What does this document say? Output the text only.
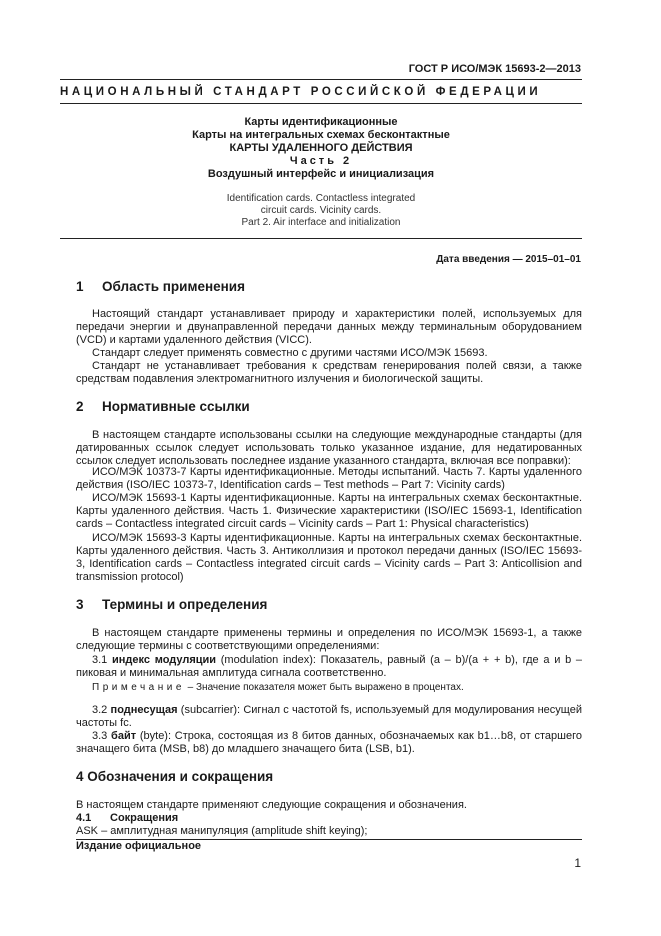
ГОСТ Р ИСО/МЭК 15693-2—2013
НАЦИОНАЛЬНЫЙ СТАНДАРТ РОССИЙСКОЙ ФЕДЕРАЦИИ
Карты идентификационные
Карты на интегральных схемах бесконтактные
КАРТЫ УДАЛЕННОГО ДЕЙСТВИЯ
Часть 2
Воздушный интерфейс и инициализация
Identification cards. Contactless integrated
circuit cards. Vicinity cards.
Part 2. Air interface and initialization
Дата введения — 2015–01–01
1 Область применения
Настоящий стандарт устанавливает природу и характеристики полей, используемых для передачи энергии и двунаправленной передачи данных между терминальным оборудованием (VCD) и картами удаленного действия (VICC).
Стандарт следует применять совместно с другими частями ИСО/МЭК 15693.
Стандарт не устанавливает требования к средствам генерирования полей связи, а также средствам подавления электромагнитного излучения и биологической защиты.
2 Нормативные ссылки
В настоящем стандарте использованы ссылки на следующие международные стандарты (для датированных ссылок следует использовать только указанное издание, для недатированных ссылок следует использовать последнее издание указанного стандарта, включая все поправки):
ИСО/МЭК 10373-7 Карты идентификационные. Методы испытаний. Часть 7. Карты удаленного действия (ISO/IEC 10373-7, Identification cards – Test methods – Part 7: Vicinity cards)
ИСО/МЭК 15693-1 Карты идентификационные. Карты на интегральных схемах бесконтактные. Карты удаленного действия. Часть 1. Физические характеристики (ISO/IEC 15693-1, Identification cards – Contactless integrated circuit cards – Vicinity cards – Part 1: Physical characteristics)
ИСО/МЭК 15693-3 Карты идентификационные. Карты на интегральных схемах бесконтактные. Карты удаленного действия. Часть 3. Антиколлизия и протокол передачи данных (ISO/IEC 15693-3, Identification cards – Contactless integrated circuit cards – Vicinity cards – Part 3: Anticollision and transmission protocol)
3 Термины и определения
В настоящем стандарте применены термины и определения по ИСО/МЭК 15693-1, а также следующие термины с соответствующими определениями:
3.1 индекс модуляции (modulation index): Показатель, равный (a – b)/(a + + b), где a и b – пиковая и минимальная амплитуда сигнала соответственно.
Примечание – Значение показателя может быть выражено в процентах.
3.2 поднесущая (subcarrier): Сигнал с частотой fs, используемый для модулирования несущей частоты fc.
3.3 байт (byte): Строка, состоящая из 8 битов данных, обозначаемых как b1…b8, от старшего значащего бита (MSB, b8) до младшего значащего бита (LSB, b1).
4 Обозначения и сокращения
В настоящем стандарте применяют следующие сокращения и обозначения.
4.1 Сокращения
ASK – амплитудная манипуляция (amplitude shift keying);
Издание официальное
1
